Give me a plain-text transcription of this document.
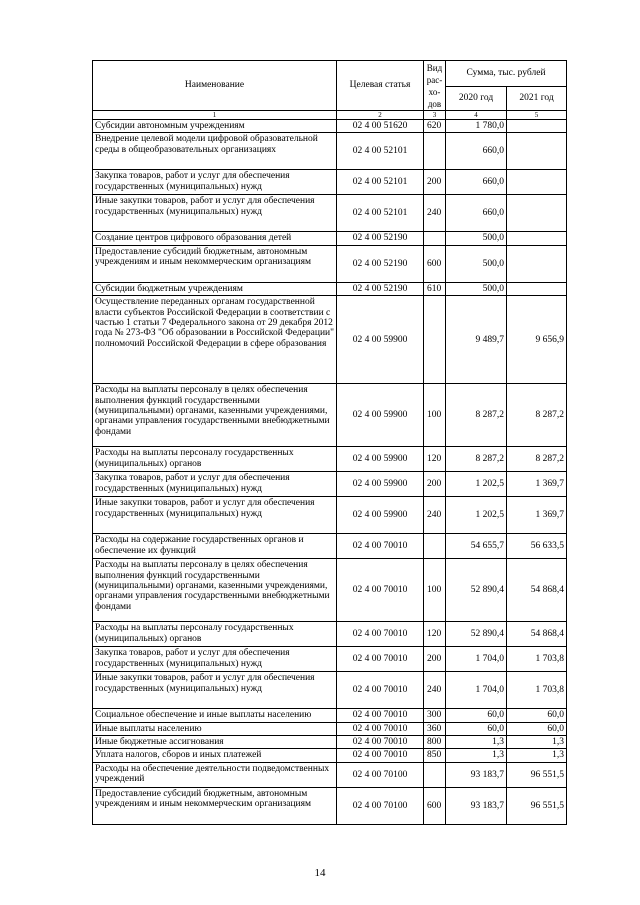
Наименование	Целевая статья	Вид рас-хо-дов	Сумма, тыс. рублей	
			2020 год	2021 год
1	2	3	4	5
Субсидии автономным учреждениям	02 4 00 51620	620	1 780,0	
Внедрение целевой модели цифровой образовательной среды в общеобразовательных организациях	02 4 00 52101		660,0	
Закупка товаров, работ и услуг для обеспечения государственных (муниципальных) нужд	02 4 00 52101	200	660,0	
Иные закупки товаров, работ и услуг для обеспечения государственных (муниципальных) нужд	02 4 00 52101	240	660,0	
Создание центров цифрового образования детей	02 4 00 52190		500,0	
Предоставление субсидий бюджетным, автономным учреждениям и иным некоммерческим организациям	02 4 00 52190	600	500,0	
Субсидии бюджетным учреждениям	02 4 00 52190	610	500,0	
Осуществление переданных органам государственной власти субъектов Российской Федерации в соответствии с частью 1 статьи 7 Федерального закона от 29 декабря 2012 года № 273-ФЗ "Об образовании в Российской Федерации" полномочий Российской Федерации в сфере образования	02 4 00 59900		9 489,7	9 656,9
Расходы на выплаты персоналу в целях обеспечения выполнения функций государственными (муниципальными) органами, казенными учреждениями, органами управления государственными внебюджетными фондами	02 4 00 59900	100	8 287,2	8 287,2
Расходы на выплаты персоналу государственных (муниципальных) органов	02 4 00 59900	120	8 287,2	8 287,2
Закупка товаров, работ и услуг для обеспечения государственных (муниципальных) нужд	02 4 00 59900	200	1 202,5	1 369,7
Иные закупки товаров, работ и услуг для обеспечения государственных (муниципальных) нужд	02 4 00 59900	240	1 202,5	1 369,7
Расходы на содержание государственных органов и обеспечение их функций	02 4 00 70010		54 655,7	56 633,5
Расходы на выплаты персоналу в целях обеспечения выполнения функций государственными (муниципальными) органами, казенными учреждениями, органами управления государственными внебюджетными фондами	02 4 00 70010	100	52 890,4	54 868,4
Расходы на выплаты персоналу государственных (муниципальных) органов	02 4 00 70010	120	52 890,4	54 868,4
Закупка товаров, работ и услуг для обеспечения государственных (муниципальных) нужд	02 4 00 70010	200	1 704,0	1 703,8
Иные закупки товаров, работ и услуг для обеспечения государственных (муниципальных) нужд	02 4 00 70010	240	1 704,0	1 703,8
Социальное обеспечение и иные выплаты населению	02 4 00 70010	300	60,0	60,0
Иные выплаты населению	02 4 00 70010	360	60,0	60,0
Иные бюджетные ассигнования	02 4 00 70010	800	1,3	1,3
Уплата налогов, сборов и иных платежей	02 4 00 70010	850	1,3	1,3
Расходы на обеспечение деятельности подведомственных учреждений	02 4 00 70100		93 183,7	96 551,5
Предоставление субсидий бюджетным, автономным учреждениям и иным некоммерческим организациям	02 4 00 70100	600	93 183,7	96 551,5
14
